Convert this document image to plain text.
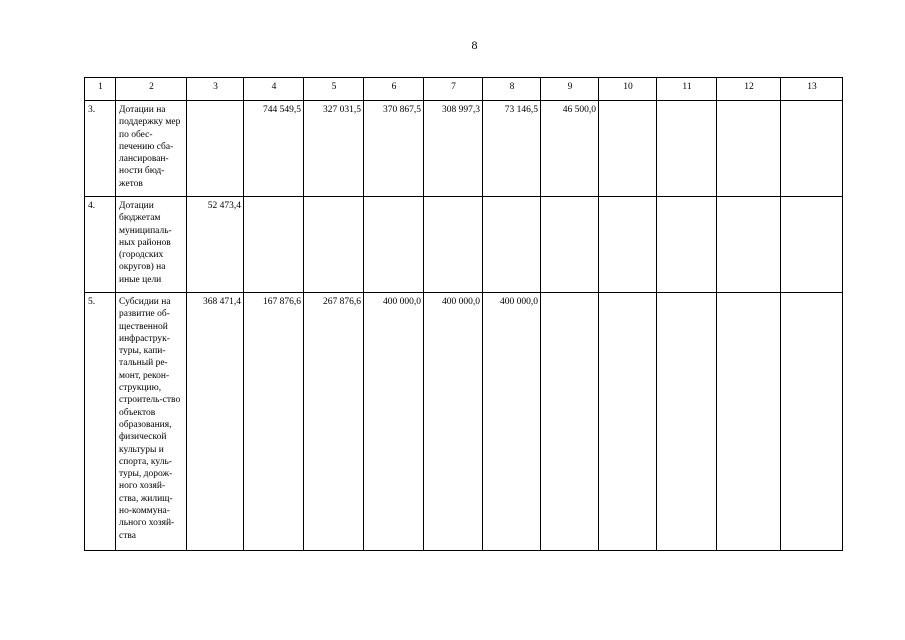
8
1	2	3	4	5	6	7	8	9	10	11	12	13
3.	Дотации на поддержку мер по обес-печению сба-лансирован-ности бюд-жетов		744 549,5	327 031,5	370 867,5	308 997,3	73 146,5	46 500,0				
4.	Дотации бюджетам муниципаль-ных районов (городских округов) на иные цели	52 473,4										
5.	Субсидии на развитие об-щественной инфраструк-туры, капи-тальный ре-монт, рекон-струкцию, строитель-ство объектов образования, физической культуры и спорта, куль-туры, дорож-ного хозяй-ства, жилищ-но-коммуна-льного хозяй-ства	368 471,4	167 876,6	267 876,6	400 000,0	400 000,0	400 000,0					
